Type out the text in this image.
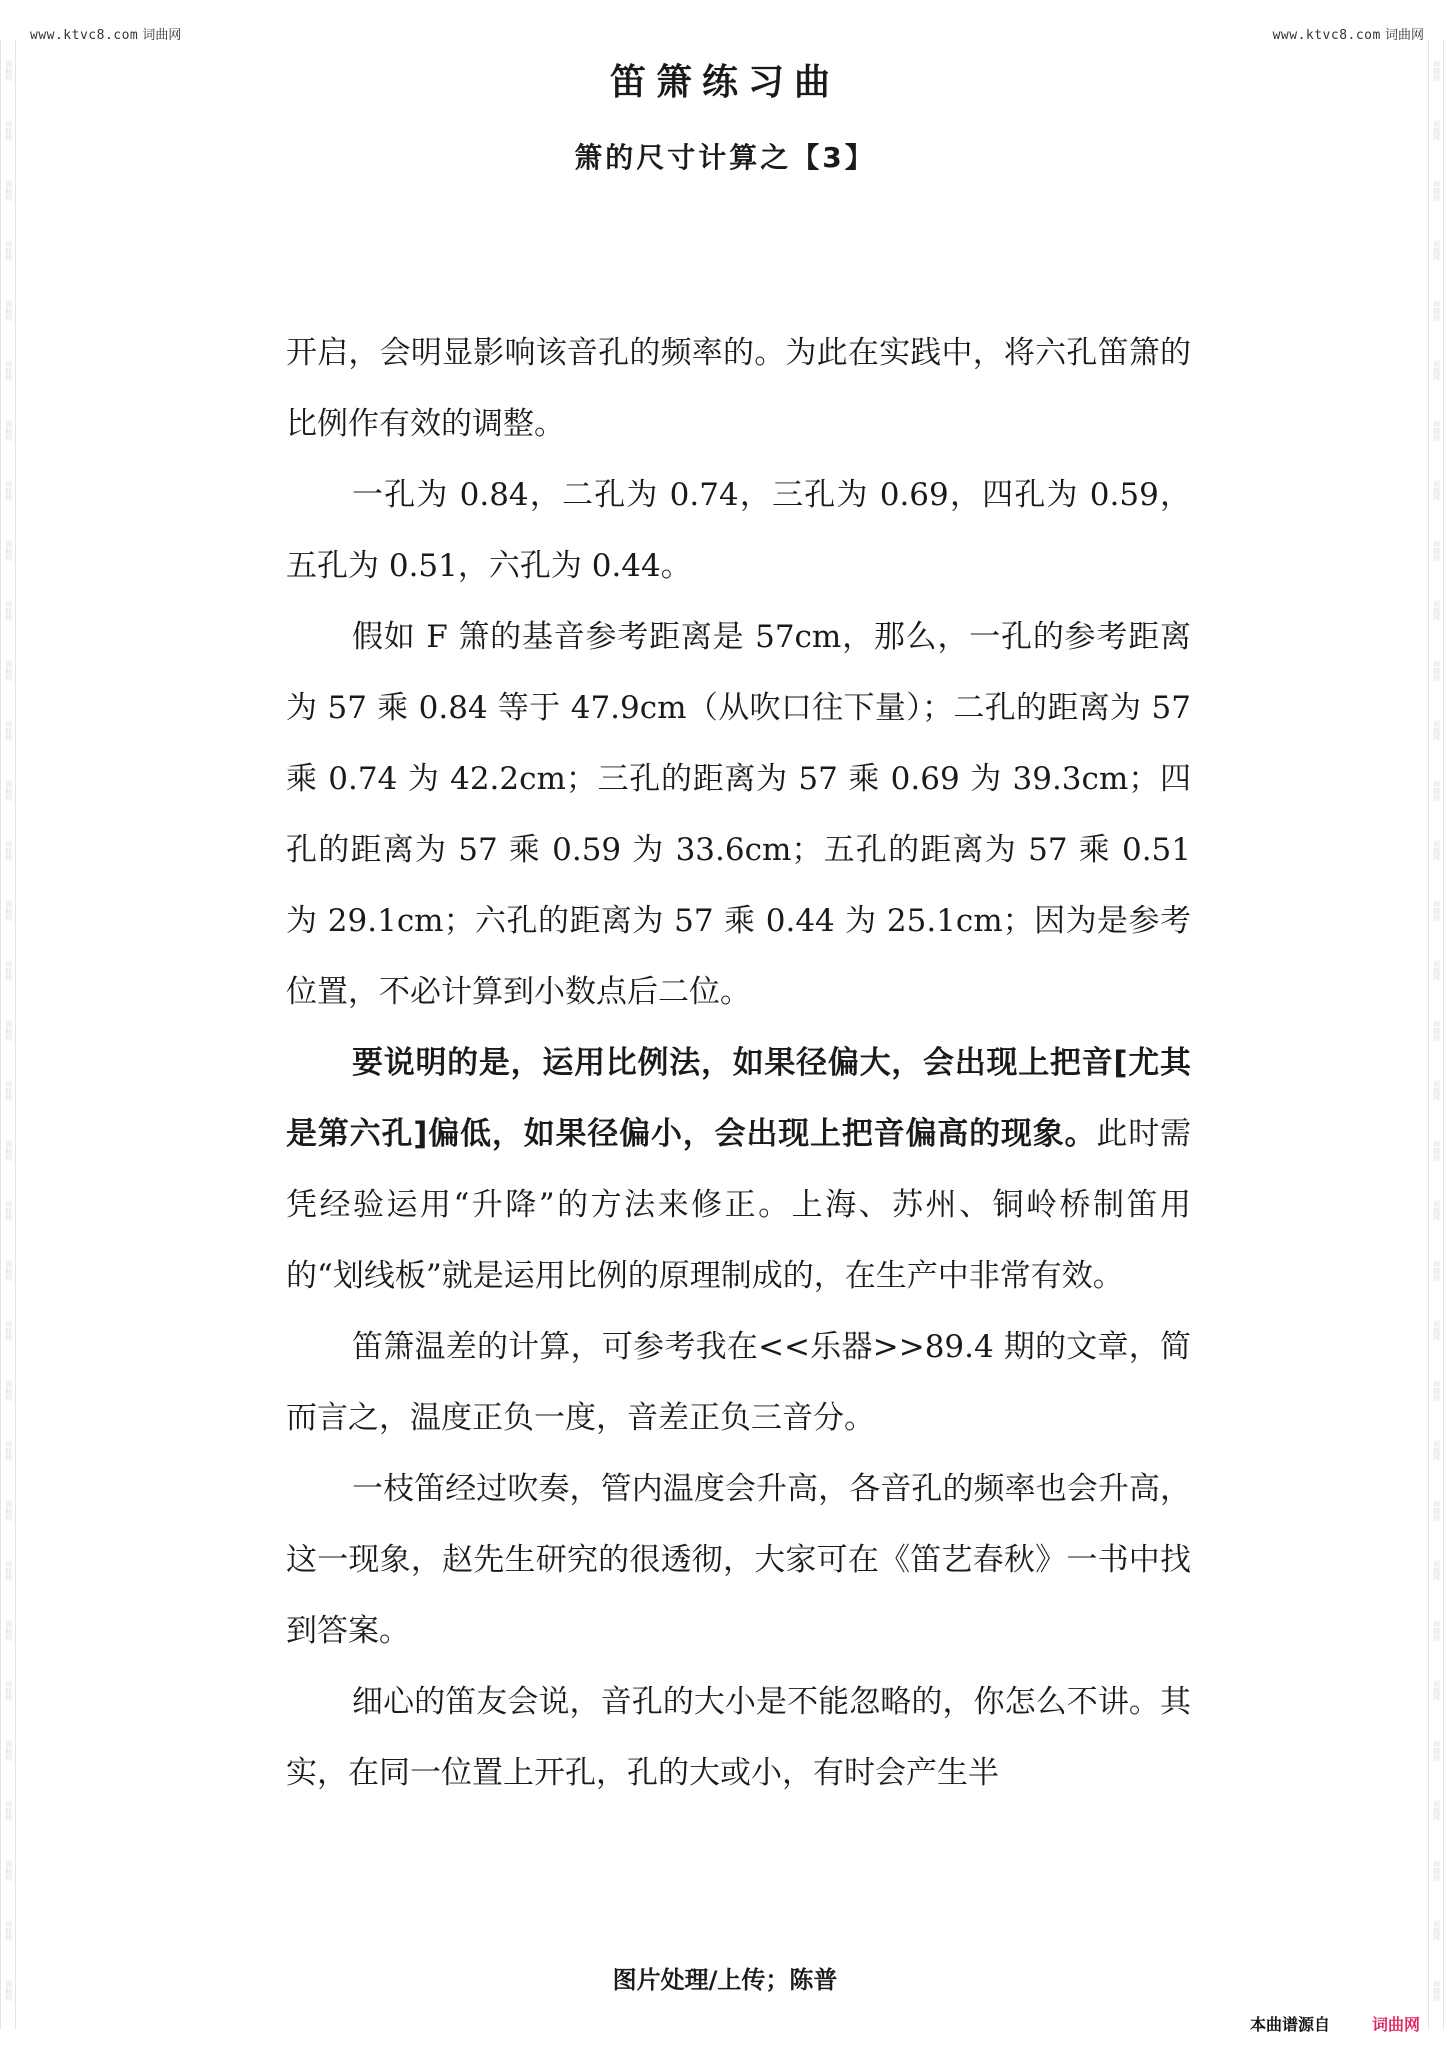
词曲网
词曲网
词曲网
词曲网
词曲网
词曲网
词曲网
词曲网
词曲网
词曲网
词曲网
词曲网
词曲网
词曲网
词曲网
词曲网
词曲网
词曲网
词曲网
词曲网
词曲网
词曲网
词曲网
词曲网
词曲网
词曲网
词曲网
词曲网
词曲网
词曲网
词曲网
词曲网
词曲网
词曲网
词曲网
词曲网
词曲网
词曲网
词曲网
词曲网
词曲网
词曲网
词曲网
词曲网
词曲网
词曲网
词曲网
词曲网
词曲网
词曲网
词曲网
词曲网
词曲网
词曲网
词曲网
词曲网
词曲网
词曲网
词曲网
词曲网
词曲网
词曲网
词曲网
词曲网
词曲网
词曲网
www.ktvc8.com 词曲网	www.ktvc8.com 词曲网
笛箫练习曲
箫的尺寸计算之【3】

开启，会明显影响该音孔的频率的。为此在实践中，将六孔笛箫的比例作有效的调整。

一孔为 0.84，二孔为 0.74，三孔为 0.69，四孔为 0.59，五孔为 0.51，六孔为 0.44。

假如 F 箫的基音参考距离是 57cm，那么，一孔的参考距离为 57 乘 0.84 等于 47.9cm（从吹口往下量）；二孔的距离为 57 乘 0.74 为 42.2cm；三孔的距离为 57 乘 0.69 为 39.3cm；四孔的距离为 57 乘 0.59 为 33.6cm；五孔的距离为 57 乘 0.51 为 29.1cm；六孔的距离为 57 乘 0.44 为 25.1cm；因为是参考位置，不必计算到小数点后二位。

要说明的是，运用比例法，如果径偏大，会出现上把音[尤其是第六孔]偏低，如果径偏小，会出现上把音偏高的现象。此时需凭经验运用“升降”的方法来修正。上海、苏州、铜岭桥制笛用的“划线板”就是运用比例的原理制成的，在生产中非常有效。

笛箫温差的计算，可参考我在<<乐器>>89.4 期的文章，简而言之，温度正负一度，音差正负三音分。

一枝笛经过吹奏，管内温度会升高，各音孔的频率也会升高，这一现象，赵先生研究的很透彻，大家可在《笛艺春秋》一书中找到答案。

细心的笛友会说，音孔的大小是不能忽略的，你怎么不讲。其实，在同一位置上开孔，孔的大或小，有时会产生半

图片处理/上传；陈普
本曲谱源自	词曲网
